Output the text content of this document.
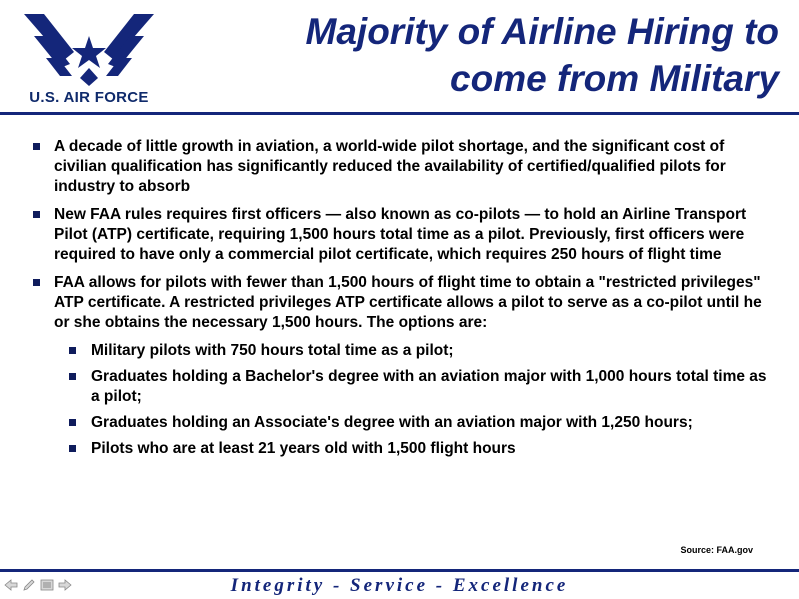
U.S. AIR FORCE
Majority of Airline Hiring to
come from Military
A decade of little growth in aviation, a world-wide pilot shortage, and the significant cost of civilian qualification has significantly reduced the availability of certified/qualified pilots for industry to absorb
New FAA rules requires first officers — also known as co-pilots — to hold an Airline Transport Pilot (ATP) certificate, requiring 1,500 hours total time as a pilot. Previously, first officers were required to have only a commercial pilot certificate, which requires 250 hours of flight time
FAA allows for pilots with fewer than 1,500 hours of flight time to obtain a "restricted privileges" ATP certificate. A restricted privileges ATP certificate allows a pilot to serve as a co-pilot until he or she obtains the necessary 1,500 hours. The options are:
Military pilots with 750 hours total time as a pilot;
Graduates holding a Bachelor's degree with an aviation major with 1,000 hours total time as a pilot;
Graduates holding an Associate's degree with an aviation major with 1,250 hours;
Pilots who are at least 21 years old with 1,500 flight hours
Source: FAA.gov
Integrity - Service - Excellence
